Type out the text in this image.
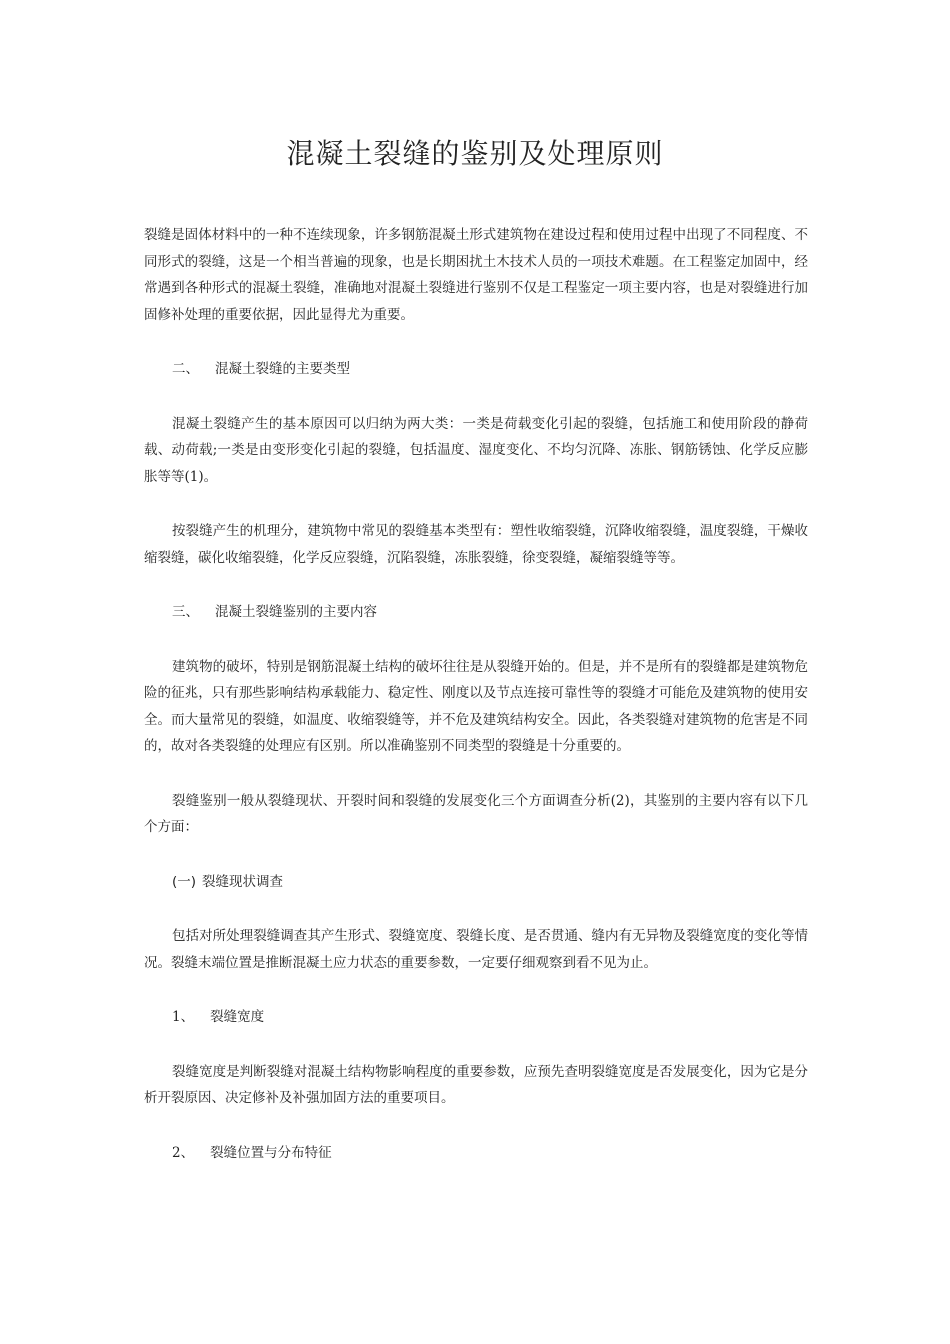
混凝土裂缝的鉴别及处理原则

裂缝是固体材料中的一种不连续现象，许多钢筋混凝土形式建筑物在建设过程和使用过程中出现了不同程度、不同形式的裂缝，这是一个相当普遍的现象，也是长期困扰土木技术人员的一项技术难题。在工程鉴定加固中，经常遇到各种形式的混凝土裂缝，准确地对混凝土裂缝进行鉴别不仅是工程鉴定一项主要内容，也是对裂缝进行加固修补处理的重要依据，因此显得尤为重要。

二、 混凝土裂缝的主要类型

混凝土裂缝产生的基本原因可以归纳为两大类：一类是荷载变化引起的裂缝，包括施工和使用阶段的静荷载、动荷载;一类是由变形变化引起的裂缝，包括温度、湿度变化、不均匀沉降、冻胀、钢筋锈蚀、化学反应膨胀等等(1)。

按裂缝产生的机理分，建筑物中常见的裂缝基本类型有：塑性收缩裂缝，沉降收缩裂缝，温度裂缝，干燥收缩裂缝，碳化收缩裂缝，化学反应裂缝，沉陷裂缝，冻胀裂缝，徐变裂缝，凝缩裂缝等等。

三、 混凝土裂缝鉴别的主要内容

建筑物的破坏，特别是钢筋混凝土结构的破坏往往是从裂缝开始的。但是，并不是所有的裂缝都是建筑物危险的征兆，只有那些影响结构承载能力、稳定性、刚度以及节点连接可靠性等的裂缝才可能危及建筑物的使用安全。而大量常见的裂缝，如温度、收缩裂缝等，并不危及建筑结构安全。因此，各类裂缝对建筑物的危害是不同的，故对各类裂缝的处理应有区别。所以准确鉴别不同类型的裂缝是十分重要的。

裂缝鉴别一般从裂缝现状、开裂时间和裂缝的发展变化三个方面调查分析(2)，其鉴别的主要内容有以下几个方面：

(一) 裂缝现状调查

包括对所处理裂缝调查其产生形式、裂缝宽度、裂缝长度、是否贯通、缝内有无异物及裂缝宽度的变化等情况。裂缝末端位置是推断混凝土应力状态的重要参数，一定要仔细观察到看不见为止。

1、 裂缝宽度

裂缝宽度是判断裂缝对混凝土结构物影响程度的重要参数，应预先查明裂缝宽度是否发展变化，因为它是分析开裂原因、决定修补及补强加固方法的重要项目。

2、 裂缝位置与分布特征
